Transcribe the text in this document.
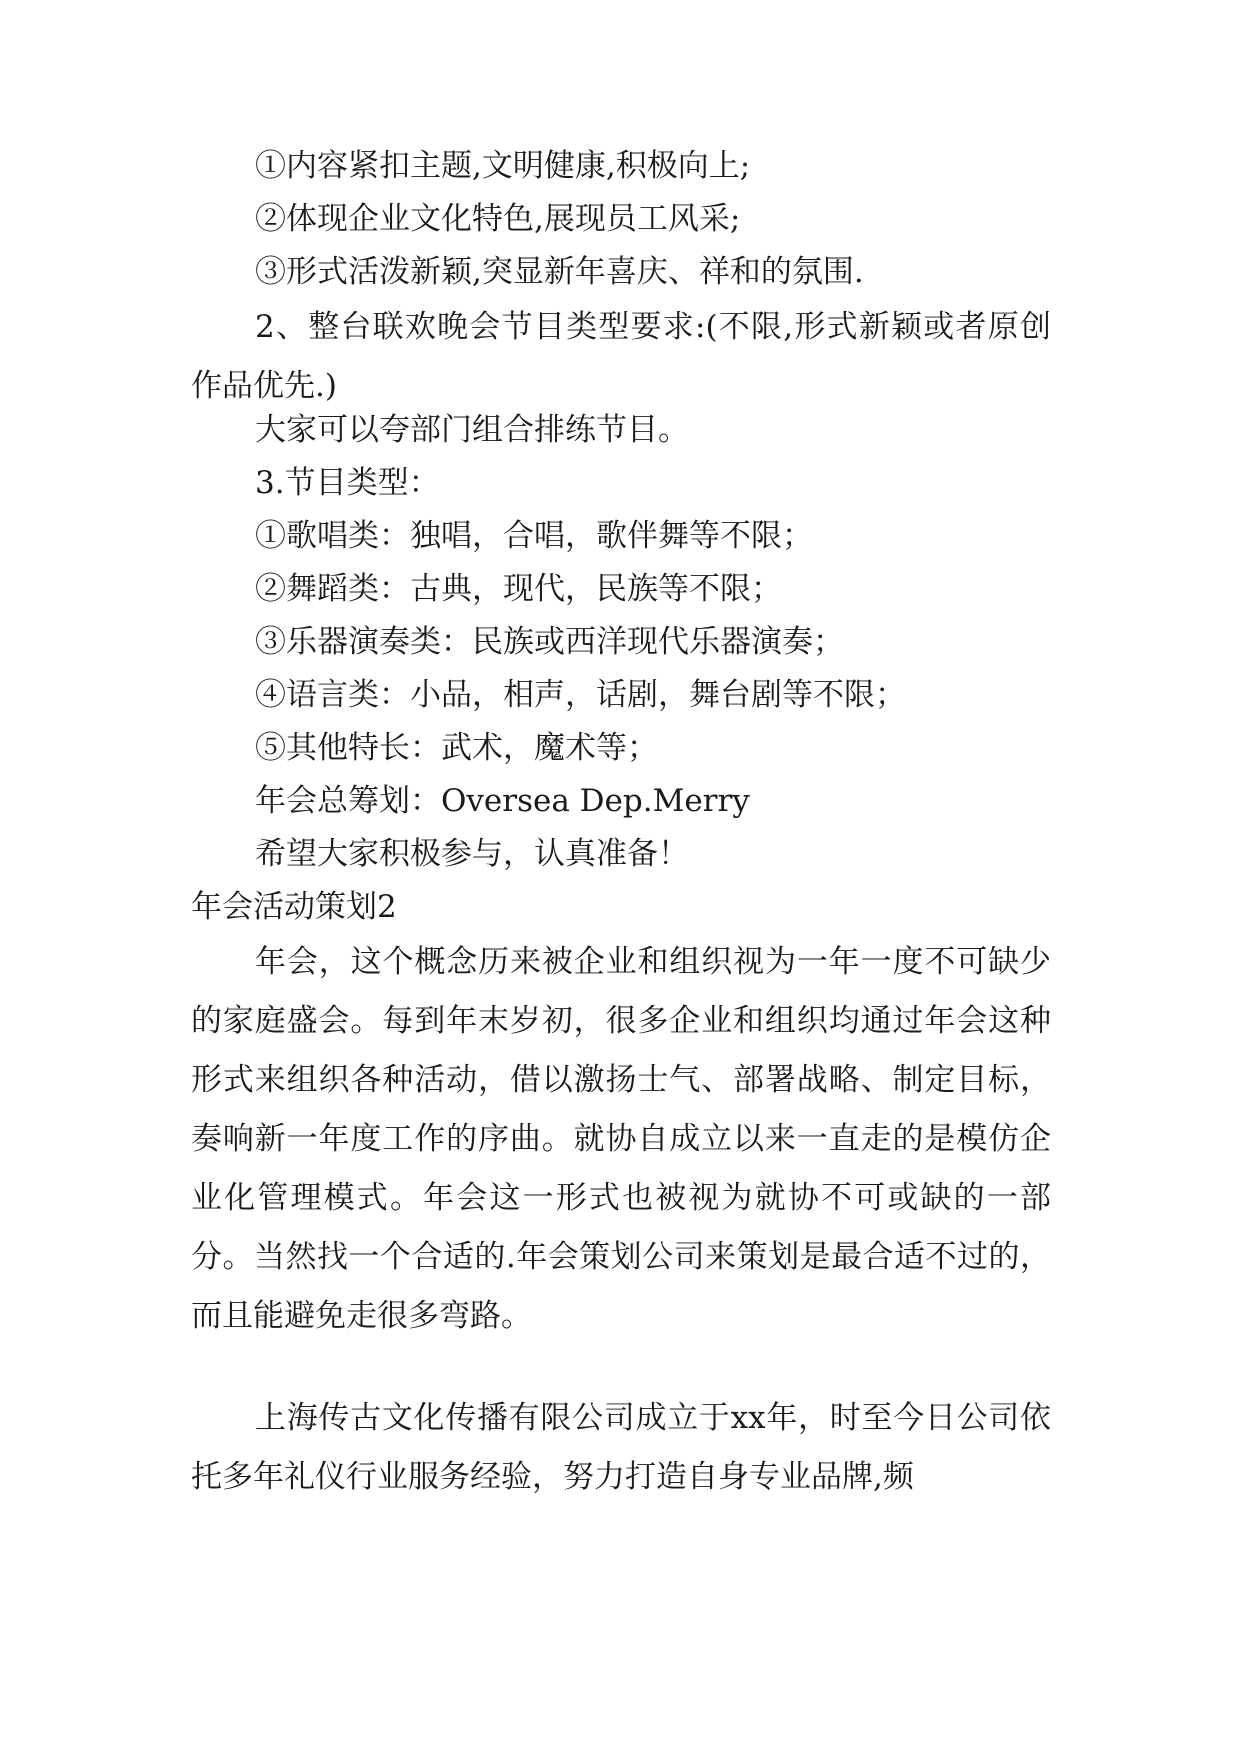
①内容紧扣主题,文明健康,积极向上;
②体现企业文化特色,展现员工风采;
③形式活泼新颖,突显新年喜庆、祥和的氛围.

2、整台联欢晚会节目类型要求:(不限,形式新颖或者原创作品优先.)

大家可以夸部门组合排练节目。
3.节目类型：
①歌唱类：独唱，合唱，歌伴舞等不限；
②舞蹈类：古典，现代，民族等不限；
③乐器演奏类：民族或西洋现代乐器演奏；
④语言类：小品，相声，话剧，舞台剧等不限；
⑤其他特长：武术，魔术等；
年会总筹划：Oversea Dep.Merry
希望大家积极参与，认真准备！
年会活动策划2

年会，这个概念历来被企业和组织视为一年一度不可缺少的家庭盛会。每到年末岁初，很多企业和组织均通过年会这种形式来组织各种活动，借以激扬士气、部署战略、制定目标，奏响新一年度工作的序曲。就协自成立以来一直走的是模仿企业化管理模式。年会这一形式也被视为就协不可或缺的一部分。当然找一个合适的.年会策划公司来策划是最合适不过的，而且能避免走很多弯路。

上海传古文化传播有限公司成立于xx年，时至今日公司依托多年礼仪行业服务经验，努力打造自身专业品牌,频
